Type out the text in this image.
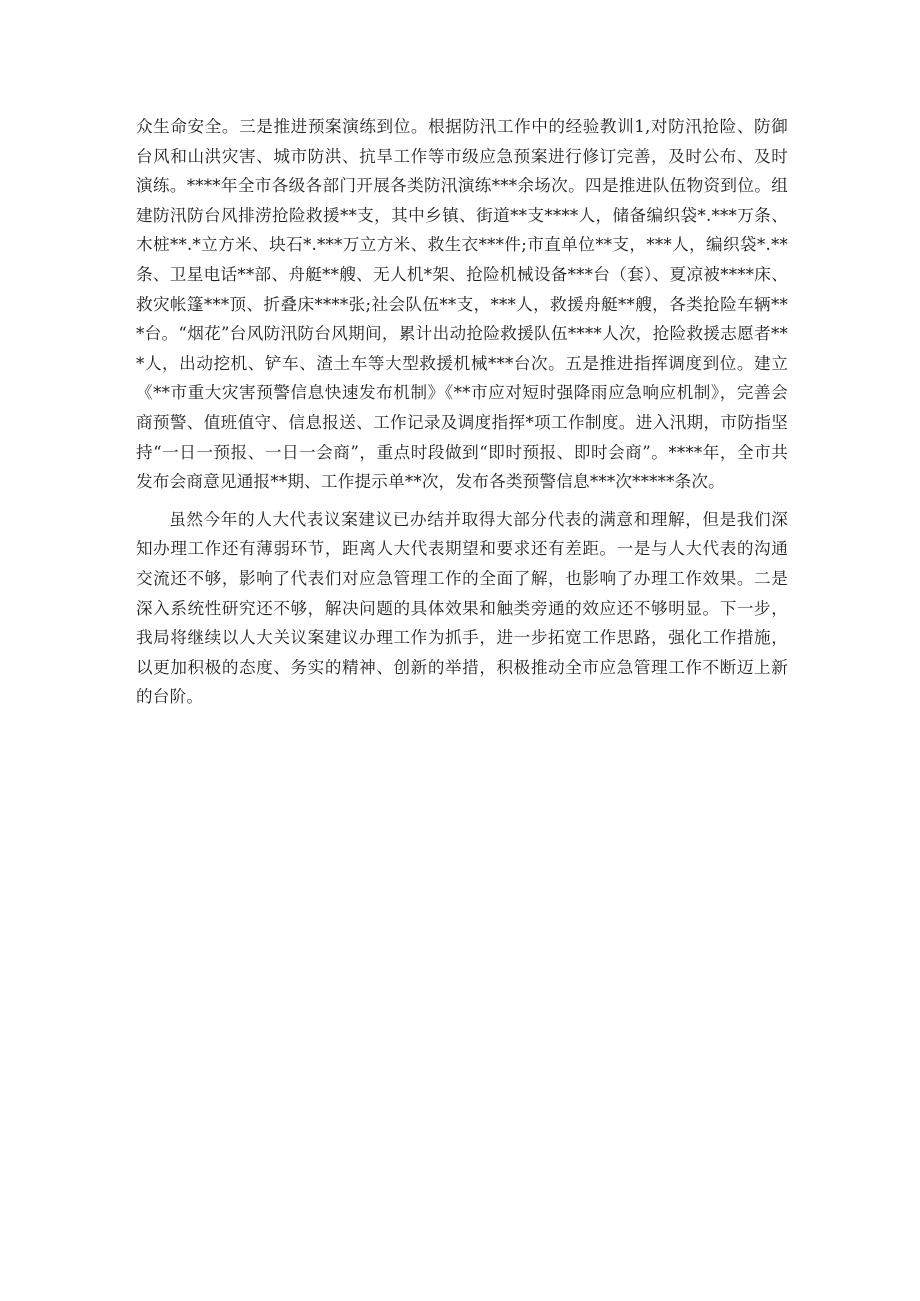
众生命安全。三是推进预案演练到位。根据防汛工作中的经验教训1,对防汛抢险、防御台风和山洪灾害、城市防洪、抗旱工作等市级应急预案进行修订完善，及时公布、及时演练。****年全市各级各部门开展各类防汛演练***余场次。四是推进队伍物资到位。组建防汛防台风排涝抢险救援**支，其中乡镇、街道**支****人，储备编织袋*.***万条、木桩**.*立方米、块石*.***万立方米、救生衣***件;市直单位**支，***人，编织袋*.**条、卫星电话**部、舟艇**艘、无人机*架、抢险机械设备***台（套）、夏凉被****床、救灾帐篷***顶、折叠床****张;社会队伍**支，***人，救援舟艇**艘，各类抢险车辆***台。“烟花”台风防汛防台风期间，累计出动抢险救援队伍****人次，抢险救援志愿者***人，出动挖机、铲车、渣土车等大型救援机械***台次。五是推进指挥调度到位。建立《**市重大灾害预警信息快速发布机制》《**市应对短时强降雨应急响应机制》，完善会商预警、值班值守、信息报送、工作记录及调度指挥*项工作制度。进入汛期，市防指坚持“一日一预报、一日一会商”，重点时段做到“即时预报、即时会商”。****年，全市共发布会商意见通报**期、工作提示单**次，发布各类预警信息***次*****条次。

虽然今年的人大代表议案建议已办结并取得大部分代表的满意和理解，但是我们深知办理工作还有薄弱环节，距离人大代表期望和要求还有差距。一是与人大代表的沟通交流还不够，影响了代表们对应急管理工作的全面了解，也影响了办理工作效果。二是深入系统性研究还不够，解决问题的具体效果和触类旁通的效应还不够明显。下一步，我局将继续以人大关议案建议办理工作为抓手，进一步拓宽工作思路，强化工作措施，以更加积极的态度、务实的精神、创新的举措，积极推动全市应急管理工作不断迈上新的台阶。
